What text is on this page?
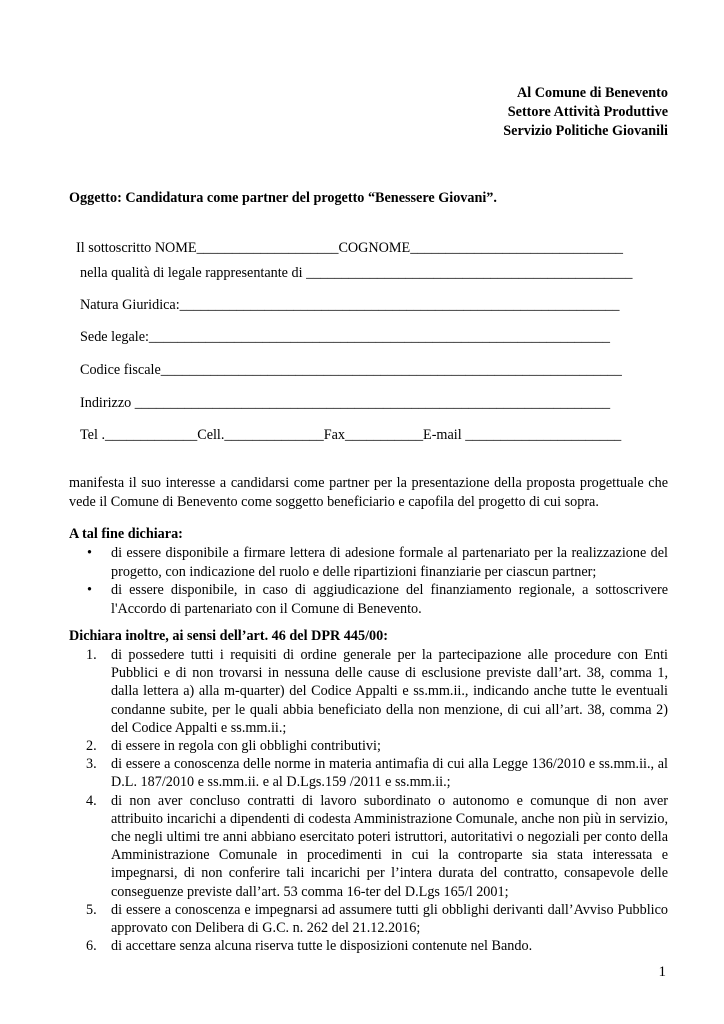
Al Comune di Benevento
Settore Attività Produttive
Servizio Politiche Giovanili
Oggetto: Candidatura come partner del progetto “Benessere Giovani”.
Il sottoscritto NOME____________________COGNOME______________________________
nella qualità di legale rappresentante di ______________________________________________
Natura Giuridica:______________________________________________________________
Sede legale:_________________________________________________________________
Codice fiscale_________________________________________________________________
Indirizzo ___________________________________________________________________
Tel ._____________Cell.______________Fax___________E-mail ______________________
manifesta il suo interesse a candidarsi come partner per la presentazione della proposta progettuale che vede il Comune di Benevento come soggetto beneficiario e capofila del progetto di cui sopra.
A tal fine dichiara:
• di essere disponibile a firmare lettera di adesione formale al partenariato per la realizzazione del progetto, con indicazione del ruolo e delle ripartizioni finanziarie per ciascun partner;
• di essere disponibile, in caso di aggiudicazione del finanziamento regionale, a sottoscrivere l'Accordo di partenariato con il Comune di Benevento.
Dichiara inoltre, ai sensi dell’art. 46 del DPR 445/00:
1. di possedere tutti i requisiti di ordine generale per la partecipazione alle procedure con Enti Pubblici e di non trovarsi in nessuna delle cause di esclusione previste dall’art. 38, comma 1, dalla lettera a) alla m-quarter) del Codice Appalti e ss.mm.ii., indicando anche tutte le eventuali condanne subite, per le quali abbia beneficiato della non menzione, di cui all’art. 38, comma 2) del Codice Appalti e ss.mm.ii.;
2. di essere in regola con gli obblighi contributivi;
3. di essere a conoscenza delle norme in materia antimafia di cui alla Legge 136/2010 e ss.mm.ii., al D.L. 187/2010 e ss.mm.ii. e al D.Lgs.159 /2011 e ss.mm.ii.;
4. di non aver concluso contratti di lavoro subordinato o autonomo e comunque di non aver attribuito incarichi a dipendenti di codesta Amministrazione Comunale, anche non più in servizio, che negli ultimi tre anni abbiano esercitato poteri istruttori, autoritativi o negoziali per conto della Amministrazione Comunale in procedimenti in cui la controparte sia stata interessata e impegnarsi, di non conferire tali incarichi per l’intera durata del contratto, consapevole delle conseguenze previste dall’art. 53 comma 16-ter del D.Lgs 165/l 2001;
5. di essere a conoscenza e impegnarsi ad assumere tutti gli obblighi derivanti dall’Avviso Pubblico approvato con Delibera di G.C. n. 262 del 21.12.2016;
6. di accettare senza alcuna riserva tutte le disposizioni contenute nel Bando.
1
